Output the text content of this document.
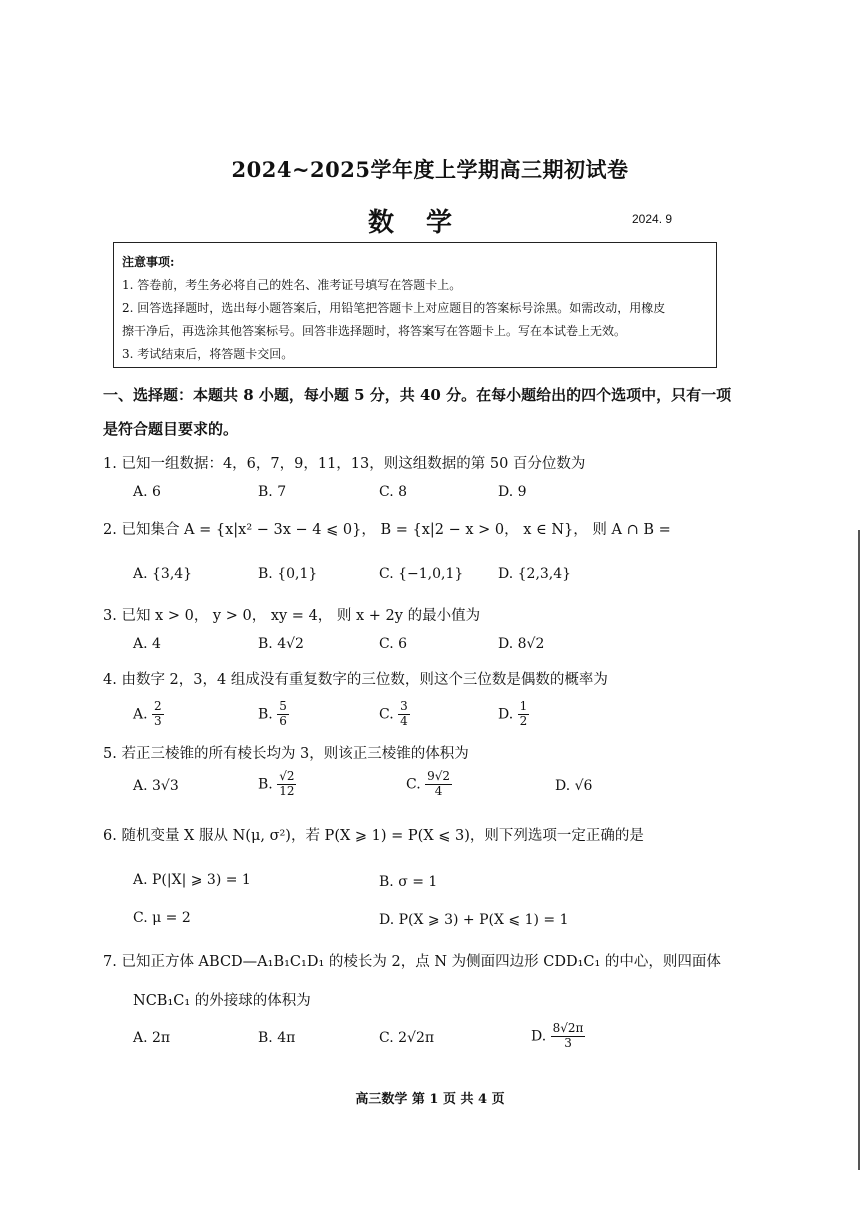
2024~2025学年度上学期高三期初试卷
数学	2024. 9
注意事项:
1. 答卷前，考生务必将自己的姓名、准考证号填写在答题卡上。
2. 回答选择题时，选出每小题答案后，用铅笔把答题卡上对应题目的答案标号涂黑。如需改动，用橡皮
擦干净后，再选涂其他答案标号。回答非选择题时，将答案写在答题卡上。写在本试卷上无效。
3. 考试结束后，将答题卡交回。
一、选择题：本题共 8 小题，每小题 5 分，共 40 分。在每小题给出的四个选项中，只有一项
是符合题目要求的。
1. 已知一组数据：4，6，7，9，11，13，则这组数据的第 50 百分位数为
A. 6	B. 7	C. 8	D. 9
2. 已知集合 A = {x|x² − 3x − 4 ⩽ 0}， B = {x|2 − x > 0， x ∈ N}， 则 A ∩ B =
A. {3,4}	B. {0,1}	C. {−1,0,1} D. {2,3,4}
3. 已知 x > 0， y > 0， xy = 4， 则 x + 2y 的最小值为
A. 4	B. 4√2	C. 6	D. 8√2
4. 由数字 2，3，4 组成没有重复数字的三位数，则这个三位数是偶数的概率为
A. $\frac{2}{3}$	B. $\frac{5}{6}$	C. $\frac{3}{4}$	D. $\frac{1}{2}$
5. 若正三棱锥的所有棱长均为 3，则该正三棱锥的体积为
A. 3√3	B. $\frac{√2}{12}$	C. $\frac{9√2}{4}$	D. √6
6. 随机变量 X 服从 N(μ, σ²)，若 P(X ⩾ 1) = P(X ⩽ 3)，则下列选项一定正确的是
A. P(|X| ⩾ 3) = 1	B. σ = 1
C. μ = 2	D. P(X ⩾ 3) + P(X ⩽ 1) = 1
7. 已知正方体 ABCD—A₁B₁C₁D₁ 的棱长为 2，点 N 为侧面四边形 CDD₁C₁ 的中心，则四面体
NCB₁C₁ 的外接球的体积为
A. 2π	B. 4π	C. 2√2π	D. $\frac{8√2\pi}{3}$
高三数学 第 1 页 共 4 页
